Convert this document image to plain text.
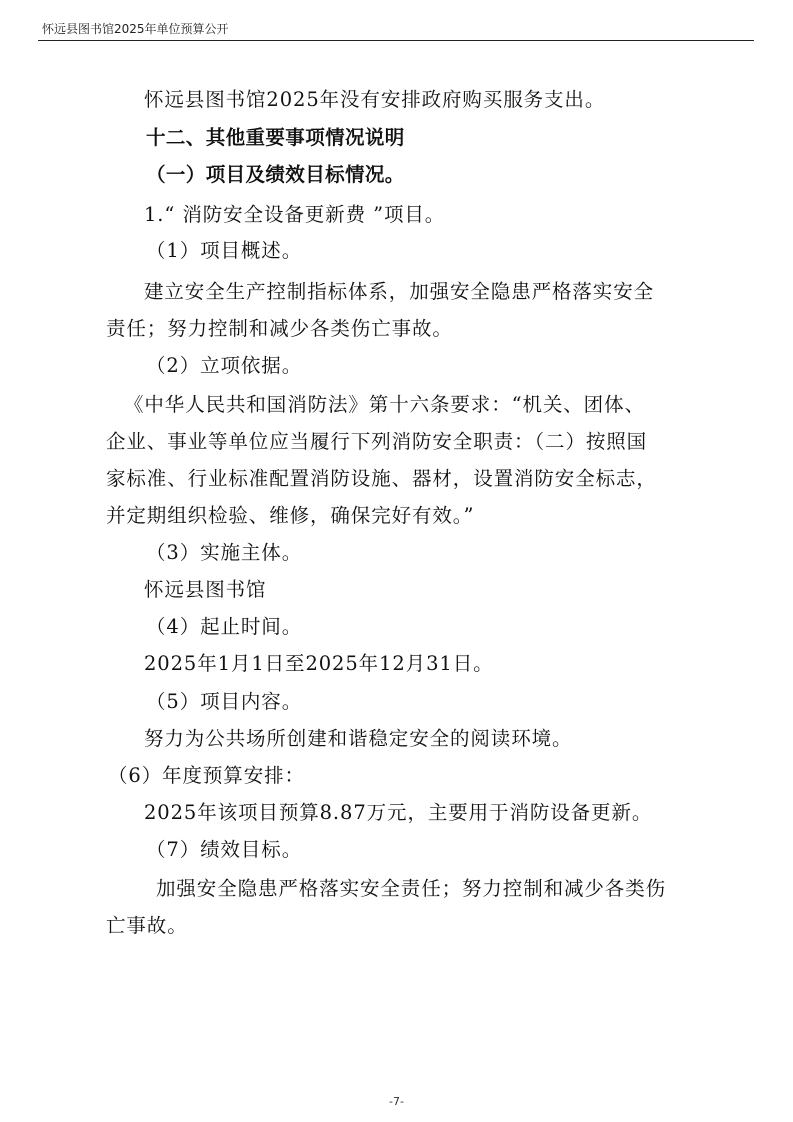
怀远县图书馆2025年单位预算公开
怀远县图书馆2025年没有安排政府购买服务支出。
十二、其他重要事项情况说明
（一）项目及绩效目标情况。
1.“ 消防安全设备更新费 ”项目。
（1）项目概述。
建立安全生产控制指标体系，加强安全隐患严格落实安全
责任；努力控制和减少各类伤亡事故。
（2）立项依据。
《中华人民共和国消防法》第十六条要求：“机关、团体、
企业、事业等单位应当履行下列消防安全职责：（二）按照国
家标准、行业标准配置消防设施、器材，设置消防安全标志，
并定期组织检验、维修，确保完好有效。”
（3）实施主体。
怀远县图书馆
（4）起止时间。
2025年1月1日至2025年12月31日。
（5）项目内容。
努力为公共场所创建和谐稳定安全的阅读环境。
（6）年度预算安排：
2025年该项目预算8.87万元，主要用于消防设备更新。
（7）绩效目标。
加强安全隐患严格落实安全责任；努力控制和减少各类伤
亡事故。
-7-
